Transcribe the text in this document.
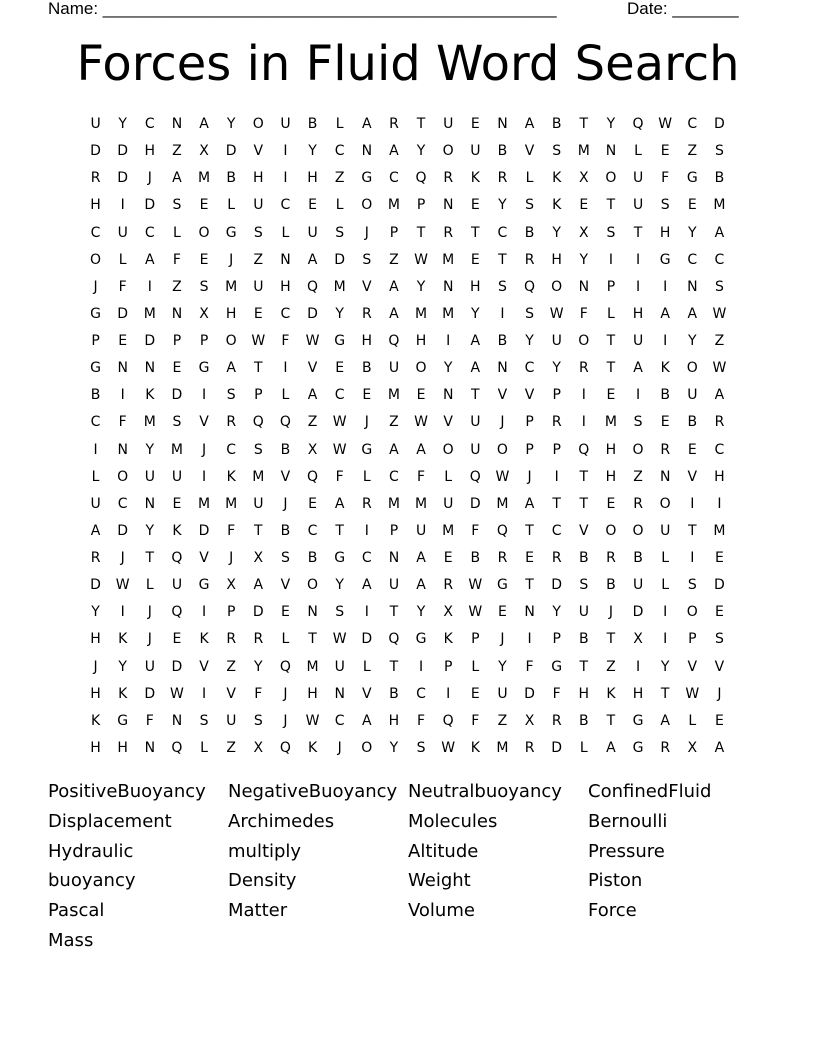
Name: ________________________________________________	Date: _______
Forces in Fluid Word Search
U	Y	C	N	A	Y	O	U	B	L	A	R	T	U	E	N	A	B	T	Y	Q	W	C	D
D	D	H	Z	X	D	V	I	Y	C	N	A	Y	O	U	B	V	S	M	N	L	E	Z	S
R	D	J	A	M	B	H	I	H	Z	G	C	Q	R	K	R	L	K	X	O	U	F	G	B
H	I	D	S	E	L	U	C	E	L	O	M	P	N	E	Y	S	K	E	T	U	S	E	M
C	U	C	L	O	G	S	L	U	S	J	P	T	R	T	C	B	Y	X	S	T	H	Y	A
O	L	A	F	E	J	Z	N	A	D	S	Z	W	M	E	T	R	H	Y	I	I	G	C	C
J	F	I	Z	S	M	U	H	Q	M	V	A	Y	N	H	S	Q	O	N	P	I	I	N	S
G	D	M	N	X	H	E	C	D	Y	R	A	M	M	Y	I	S	W	F	L	H	A	A	W
P	E	D	P	P	O	W	F	W	G	H	Q	H	I	A	B	Y	U	O	T	U	I	Y	Z
G	N	N	E	G	A	T	I	V	E	B	U	O	Y	A	N	C	Y	R	T	A	K	O	W
B	I	K	D	I	S	P	L	A	C	E	M	E	N	T	V	V	P	I	E	I	B	U	A
C	F	M	S	V	R	Q	Q	Z	W	J	Z	W	V	U	J	P	R	I	M	S	E	B	R
I	N	Y	M	J	C	S	B	X	W	G	A	A	O	U	O	P	P	Q	H	O	R	E	C
L	O	U	U	I	K	M	V	Q	F	L	C	F	L	Q	W	J	I	T	H	Z	N	V	H
U	C	N	E	M	M	U	J	E	A	R	M	M	U	D	M	A	T	T	E	R	O	I	I
A	D	Y	K	D	F	T	B	C	T	I	P	U	M	F	Q	T	C	V	O	O	U	T	M
R	J	T	Q	V	J	X	S	B	G	C	N	A	E	B	R	E	R	B	R	B	L	I	E
D	W	L	U	G	X	A	V	O	Y	A	U	A	R	W	G	T	D	S	B	U	L	S	D
Y	I	J	Q	I	P	D	E	N	S	I	T	Y	X	W	E	N	Y	U	J	D	I	O	E
H	K	J	E	K	R	R	L	T	W	D	Q	G	K	P	J	I	P	B	T	X	I	P	S
J	Y	U	D	V	Z	Y	Q	M	U	L	T	I	P	L	Y	F	G	T	Z	I	Y	V	V
H	K	D	W	I	V	F	J	H	N	V	B	C	I	E	U	D	F	H	K	H	T	W	J
K	G	F	N	S	U	S	J	W	C	A	H	F	Q	F	Z	X	R	B	T	G	A	L	E
H	H	N	Q	L	Z	X	Q	K	J	O	Y	S	W	K	M	R	D	L	A	G	R	X	A
PositiveBuoyancy	NegativeBuoyancy Neutralbuoyancy	ConfinedFluid
Displacement	Archimedes	Molecules	Bernoulli
Hydraulic	multiply	Altitude	Pressure
buoyancy	Density	Weight	Piston
Pascal	Matter	Volume	Force
Mass
